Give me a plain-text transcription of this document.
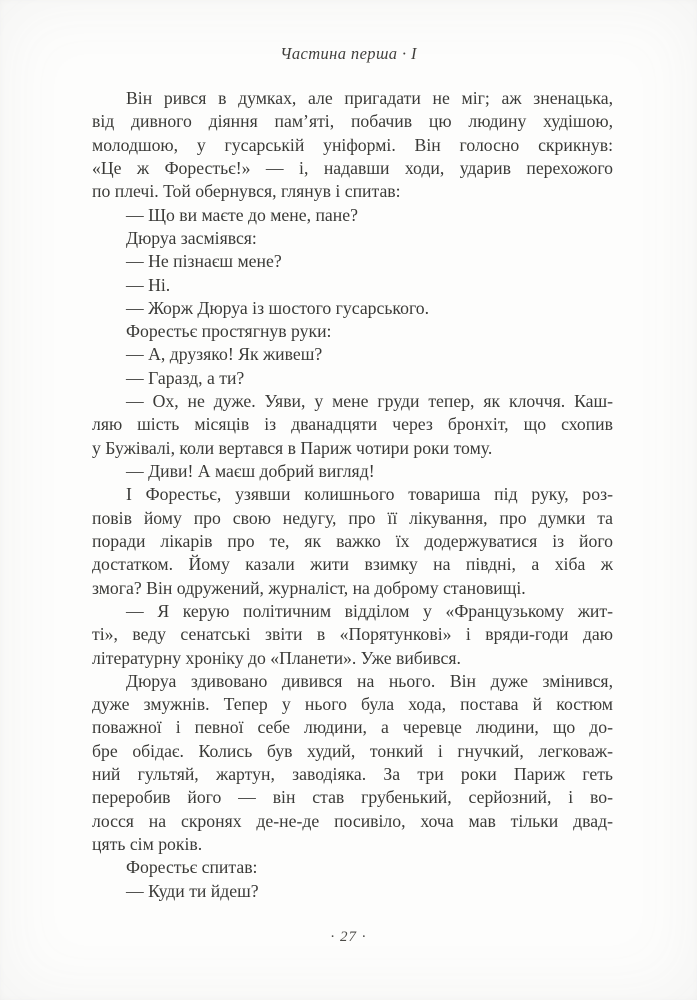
Частина перша · I
Він рився в думках, але пригадати не міг; аж зненацька,
від дивного діяння пам’яті, побачив цю людину худішою,
молодшою, у гусарській уніформі. Він голосно скрикнув:
«Це ж Форестьє!» — і, надавши ходи, ударив перехожого
по плечі. Той обернувся, глянув і спитав:
— Що ви маєте до мене, пане?
Дюруа засміявся:
— Не пізнаєш мене?
— Ні.
— Жорж Дюруа із шостого гусарського.
Форестьє простягнув руки:
— А, друзяко! Як живеш?
— Гаразд, а ти?
— Ох, не дуже. Уяви, у мене груди тепер, як клоччя. Каш-
ляю шість місяців із дванадцяти через бронхіт, що схопив
у Бужівалі, коли вертався в Париж чотири роки тому.
— Диви! А маєш добрий вигляд!
І Форестьє, узявши колишнього товариша під руку, роз-
повів йому про свою недугу, про її лікування, про думки та
поради лікарів про те, як важко їх додержуватися із його
достатком. Йому казали жити взимку на півдні, а хіба ж
змога? Він одружений, журналіст, на доброму становищі.
— Я керую політичним відділом у «Французькому жит-
ті», веду сенатські звіти в «Порятункові» і вряди-годи даю
літературну хроніку до «Планети». Уже вибився.
Дюруа здивовано дивився на нього. Він дуже змінився,
дуже змужнів. Тепер у нього була хода, постава й костюм
поважної і певної себе людини, а черевце людини, що до-
бре обідає. Колись був худий, тонкий і гнучкий, легковаж-
ний гультяй, жартун, заводіяка. За три роки Париж геть
переробив його — він став грубенький, серйозний, і во-
лосся на скронях де-не-де посивіло, хоча мав тільки двад-
цять сім років.
Форестьє спитав:
— Куди ти йдеш?
· 27 ·
